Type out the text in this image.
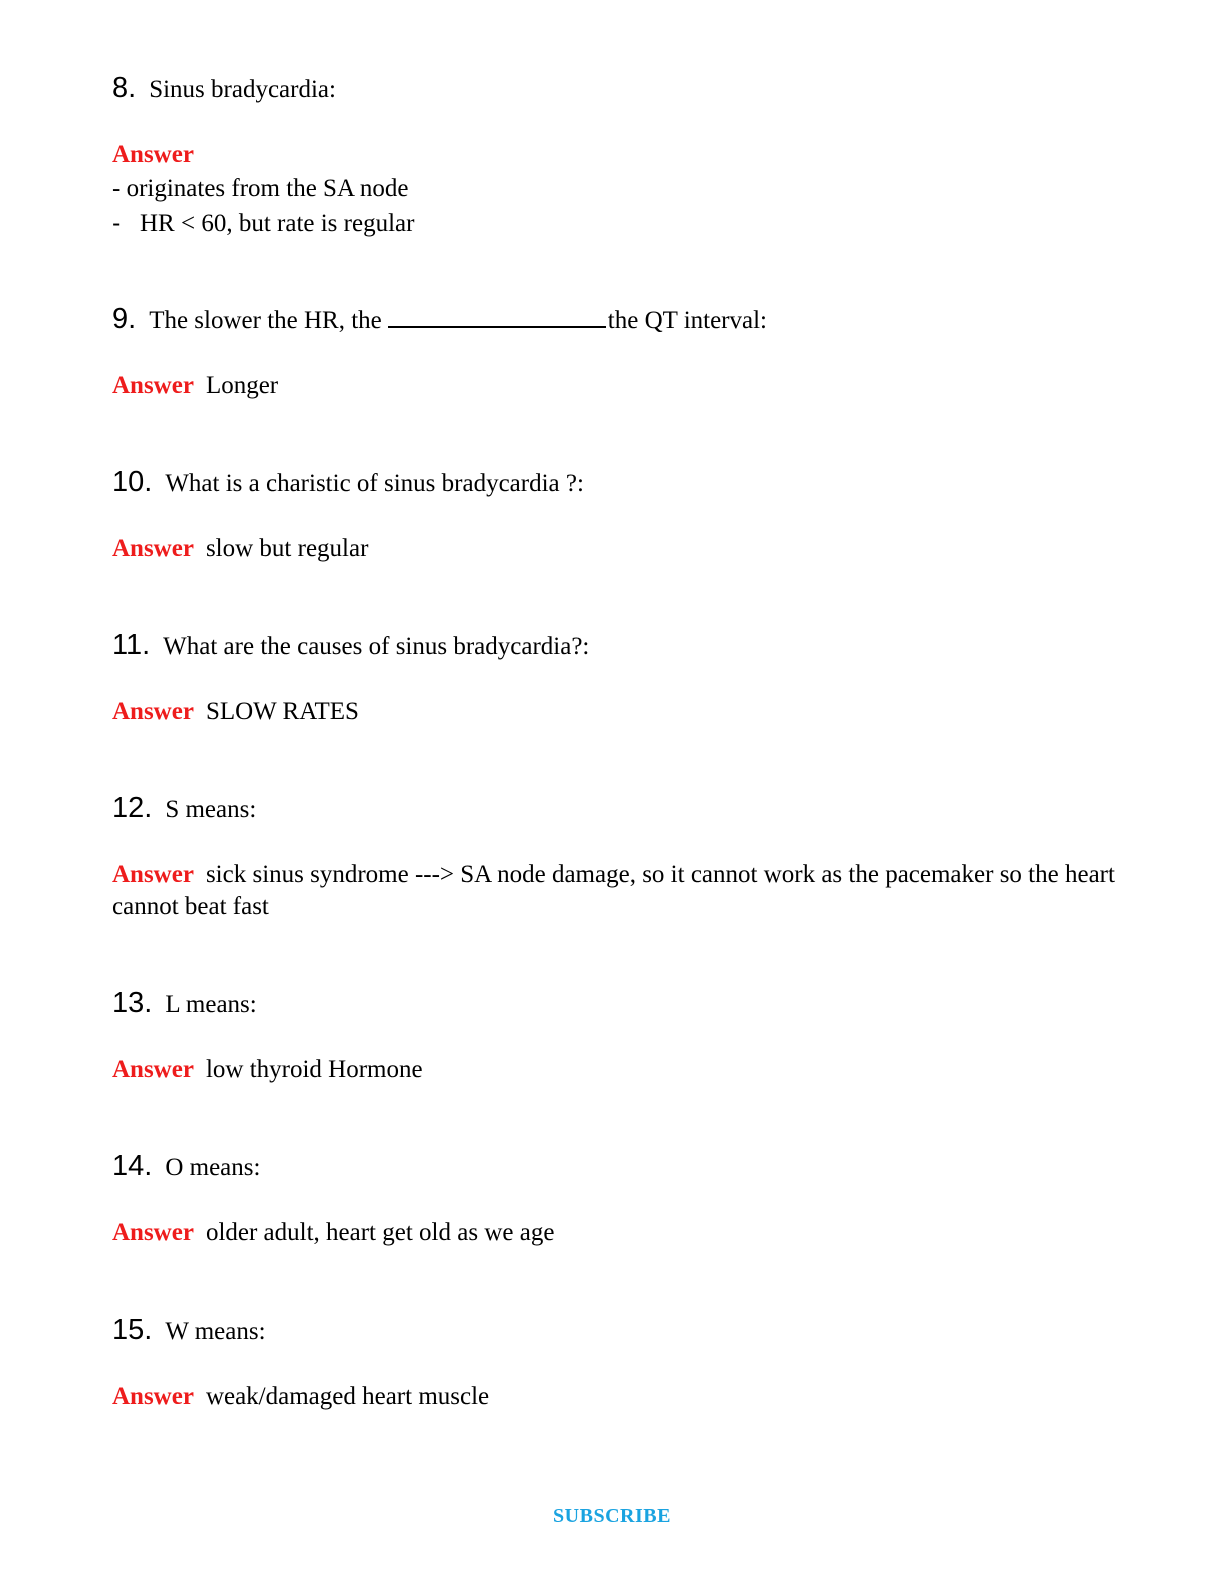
8. Sinus bradycardia:
Answer
- originates from the SA node
- HR < 60, but rate is regular
9. The slower the HR, the	the QT interval:
Answer Longer
10. What is a charistic of sinus bradycardia ?:
Answer slow but regular
11. What are the causes of sinus bradycardia?:
Answer SLOW RATES
12. S means:
Answer sick sinus syndrome ---> SA node damage, so it cannot work as the pacemaker so the heart cannot beat fast
13. L means:
Answer low thyroid Hormone
14. O means:
Answer older adult, heart get old as we age
15. W means:
Answer weak/damaged heart muscle
SUBSCRIBE
